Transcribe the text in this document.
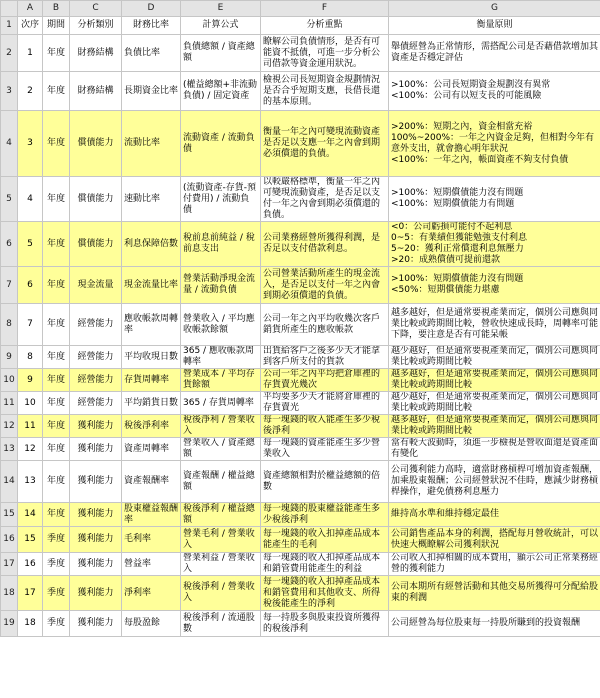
	A	B	C	D	E	F	G
1	次序	期間	分析類別	財務比率	計算公式	分析重點	衡量原則
2	1	年度	財務結構	負債比率	負債總額 / 資產總額	瞭解公司負債情形，是否有可能資不抵債，可進一步分析公司借款等資金運用狀況。	舉債經營為正常情形，需搭配公司是否藉借款增加其資產是否穩定評估
3	2	年度	財務結構	長期資金比率	(權益總額+非流動負債) / 固定資產	檢視公司長短期資金規劃情況是否合乎短期支應，長借長還的基本原則。	>100%：公司長短期資金規劃沒有異常
<100%：公司有以短支長的可能風險
4	3	年度	償債能力	流動比率	流動資產 / 流動負債	衡量一年之內可變現流動資產是否足以支應一年之內會到期必須償還的負債。	>200%：短期之內，資金相當充裕
100%~200%：一年之內資金足夠，但相對今年有意外支出，就會擔心明年狀況
<100%：一年之內，帳面資產不夠支付負債
5	4	年度	償債能力	速動比率	(流動資產-存貨-預付費用) / 流動負債	以較嚴格標準，衡量一年之內可變現流動資產，是否足以支付一年之內會到期必須償還的負債。	>100%：短期償債能力沒有問題
<100%：短期償債能力有問題
6	5	年度	償債能力	利息保障倍數	稅前息前純益 / 稅前息支出	公司業務經營所獲得利潤，是否足以支付借款利息。	<0：公司虧損可能付不起利息
0~5：有業績但獲能勉強支付利息
5~20：獲利正常償還利息無壓力
>20：成熟償債可提前還款
7	6	年度	現金流量	現金流量比率	營業活動淨現金流量 / 流動負債	公司營業活動所產生的現金流入，是否足以支付一年之內會到期必須償還的負債。	>100%：短期償債能力沒有問題
<50%：短期償債能力堪慮
8	7	年度	經營能力	應收帳款周轉率	營業收入 / 平均應收帳款餘額	公司一年之內平均收幾次客戶銷貨所產生的應收帳款	越多越好，但是通常要視產業而定，個別公司應與同業比較或跨期間比較，營收快速成長時，周轉率可能下降，要注意是否有可能呆帳
9	8	年度	經營能力	平均收現日數	365 / 應收帳款周轉率	出貨給客戶之後多少天才能拿到客戶所支付的貨款	越少越好，但是通常要視產業而定，個別公司應與同業比較或跨期間比較
10	9	年度	經營能力	存貨周轉率	營業成本 / 平均存貨餘額	公司一年之內平均把倉庫裡的存貨賣光幾次	越多越好，但是通常要視產業而定，個別公司應與同業比較或跨期間比較
11	10	年度	經營能力	平均銷貨日數	365 / 存貨周轉率	平均要多少天才能將倉庫裡的存貨賣光	越少越好，但是通常要視產業而定，個別公司應與同業比較或跨期間比較
12	11	年度	獲利能力	稅後淨利率	稅後淨利 / 營業收入	每一塊錢的收入能產生多少稅後淨利	越多越好，但是通常要視產業而定，個別公司應與同業比較或跨期間比較
13	12	年度	獲利能力	資產周轉率	營業收入 / 資產總額	每一塊錢的資產能產生多少營業收入	當有較大波動時，須進一步檢視是營收面還是資產面有變化
14	13	年度	獲利能力	資產報酬率	資產報酬 / 權益總額	資產總額相對於權益總額的倍數	公司獲利能力高時，適當財務槓桿可增加資產報酬，加乘股東報酬；公司經營狀況不佳時，應減少財務槓桿操作，避免債務利息壓力
15	14	年度	獲利能力	股東權益報酬率	稅後淨利 / 權益總額	每一塊錢的股東權益能產生多少稅後淨利	維持高水準和維持穩定最佳
16	15	季度	獲利能力	毛利率	營業毛利 / 營業收入	每一塊錢的收入扣掉產品成本能產生的毛利	公司銷售產品本身的利潤，搭配每月營收統計，可以快速大概瞭解公司獲利狀況
17	16	季度	獲利能力	營益率	營業利益 / 營業收入	每一塊錢的收入扣掉產品成本和銷管費用能產生的利益	公司收入扣掉相關的成本費用，顯示公司正常業務經營的獲利能力
18	17	季度	獲利能力	淨利率	稅後淨利 / 營業收入	每一塊錢的收入扣掉產品成本和銷管費用和其他收支、所得稅後能產生的淨利	公司本期所有經營活動和其他交易所獲得可分配給股東的利潤
19	18	季度	獲利能力	每股盈餘	稅後淨利 / 流通股數	每一持股多與股東投資所獲得的稅後淨利	公司經營為每位股東每一持股所賺到的投資報酬
